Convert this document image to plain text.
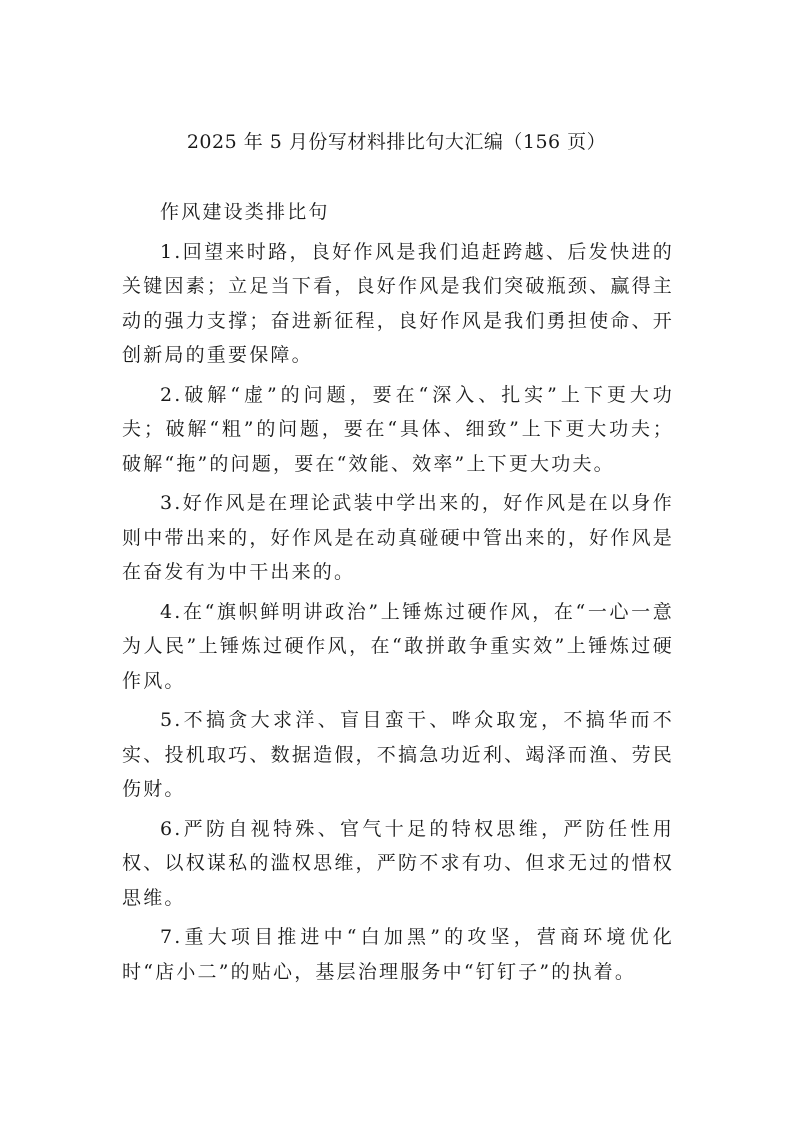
2025 年 5 月份写材料排比句大汇编（156 页）

作风建设类排比句

1.回望来时路，良好作风是我们追赶跨越、后发快进的关键因素；立足当下看，良好作风是我们突破瓶颈、赢得主动的强力支撑；奋进新征程，良好作风是我们勇担使命、开创新局的重要保障。

2.破解“虚”的问题，要在“深入、扎实”上下更大功夫；破解“粗”的问题，要在“具体、细致”上下更大功夫；破解“拖”的问题，要在“效能、效率”上下更大功夫。

3.好作风是在理论武装中学出来的，好作风是在以身作则中带出来的，好作风是在动真碰硬中管出来的，好作风是在奋发有为中干出来的。

4.在“旗帜鲜明讲政治”上锤炼过硬作风，在“一心一意为人民”上锤炼过硬作风，在“敢拼敢争重实效”上锤炼过硬作风。

5.不搞贪大求洋、盲目蛮干、哗众取宠，不搞华而不实、投机取巧、数据造假，不搞急功近利、竭泽而渔、劳民伤财。

6.严防自视特殊、官气十足的特权思维，严防任性用权、以权谋私的滥权思维，严防不求有功、但求无过的惜权思维。

7.重大项目推进中“白加黑”的攻坚，营商环境优化时“店小二”的贴心，基层治理服务中“钉钉子”的执着。
